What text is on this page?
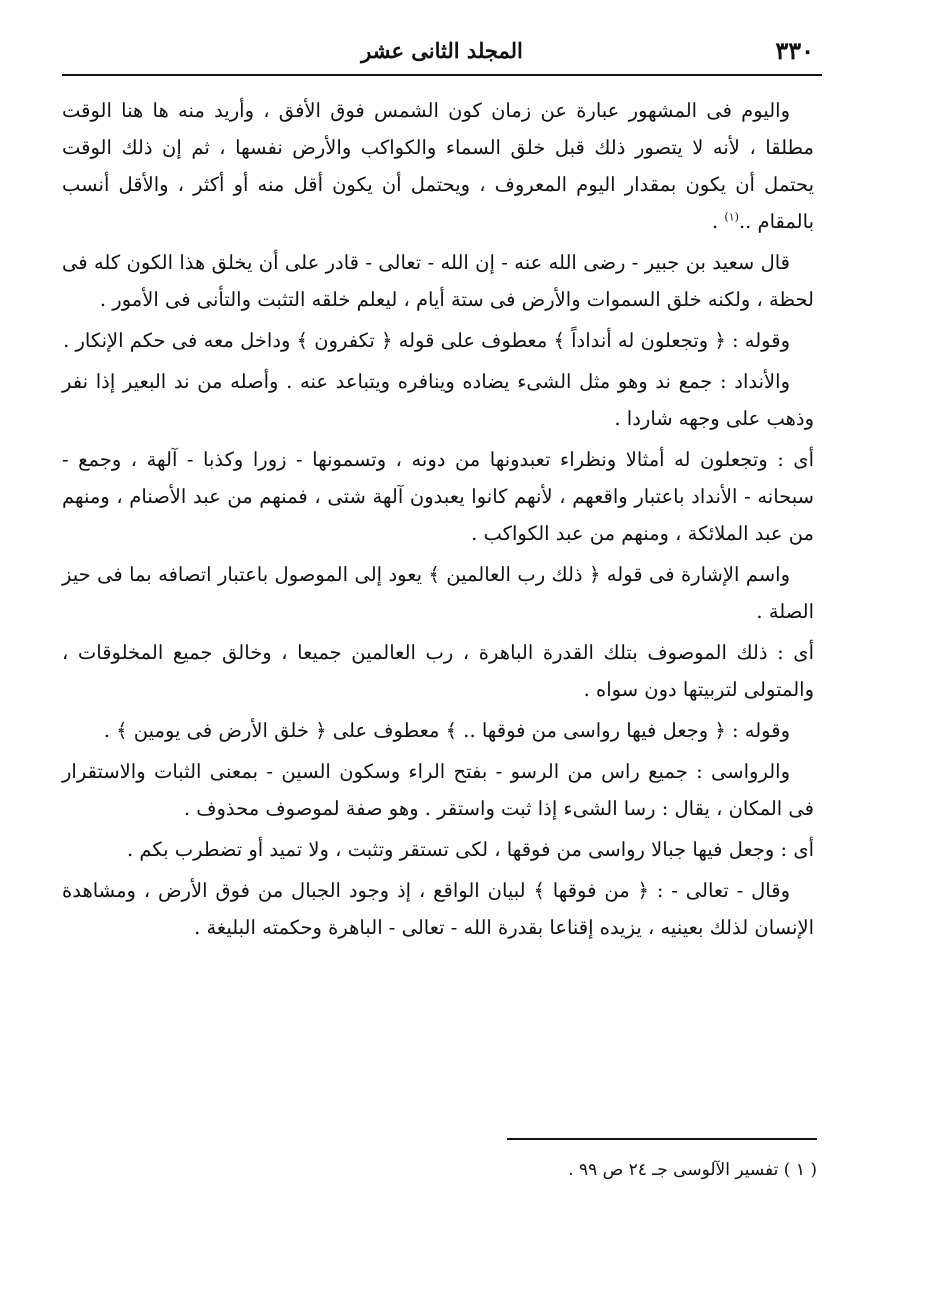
٣٣٠
المجلد الثانى عشر

واليوم فى المشهور عبارة عن زمان كون الشمس فوق الأفق ، وأريد منه ها هنا الوقت مطلقا ، لأنه لا يتصور ذلك قبل خلق السماء والكواكب والأرض نفسها ، ثم إن ذلك الوقت يحتمل أن يكون بمقدار اليوم المعروف ، ويحتمل أن يكون أقل منه أو أكثر ، والأقل أنسب بالمقام ..$^{(١)}$ .

قال سعيد بن جبير - رضى الله عنه - إن الله - تعالى - قادر على أن يخلق هذا الكون كله فى لحظة ، ولكنه خلق السموات والأرض فى ستة أيام ، ليعلم خلقه التثبت والتأنى فى الأمور .

وقوله : ﴿ وتجعلون له أنداداً ﴾ معطوف على قوله ﴿ تكفرون ﴾ وداخل معه فى حكم الإنكار .

والأنداد : جمع ند وهو مثل الشىء يضاده وينافره ويتباعد عنه . وأصله من ند البعير إذا نفر وذهب على وجهه شاردا .

أى : وتجعلون له أمثالا ونظراء تعبدونها من دونه ، وتسمونها - زورا وكذبا - آلهة ، وجمع - سبحانه - الأنداد باعتبار واقعهم ، لأنهم كانوا يعبدون آلهة شتى ، فمنهم من عبد الأصنام ، ومنهم من عبد الملائكة ، ومنهم من عبد الكواكب .

واسم الإشارة فى قوله ﴿ ذلك رب العالمين ﴾ يعود إلى الموصول باعتبار اتصافه بما فى حيز الصلة .

أى : ذلك الموصوف بتلك القدرة الباهرة ، رب العالمين جميعا ، وخالق جميع المخلوقات ، والمتولى لتربيتها دون سواه .

وقوله : ﴿ وجعل فيها رواسى من فوقها .. ﴾ معطوف على ﴿ خلق الأرض فى يومين ﴾ .

والرواسى : جميع راس من الرسو - بفتح الراء وسكون السين - بمعنى الثبات والاستقرار فى المكان ، يقال : رسا الشىء إذا ثبت واستقر . وهو صفة لموصوف محذوف .

أى : وجعل فيها جبالا رواسى من فوقها ، لكى تستقر وتثبت ، ولا تميد أو تضطرب بكم .

وقال - تعالى - : ﴿ من فوقها ﴾ لبيان الواقع ، إذ وجود الجبال من فوق الأرض ، ومشاهدة الإنسان لذلك بعينيه ، يزيده إقناعا بقدرة الله - تعالى - الباهرة وحكمته البليغة .

( ١ ) تفسير الآلوسى جـ ٢٤ ص ٩٩ .
